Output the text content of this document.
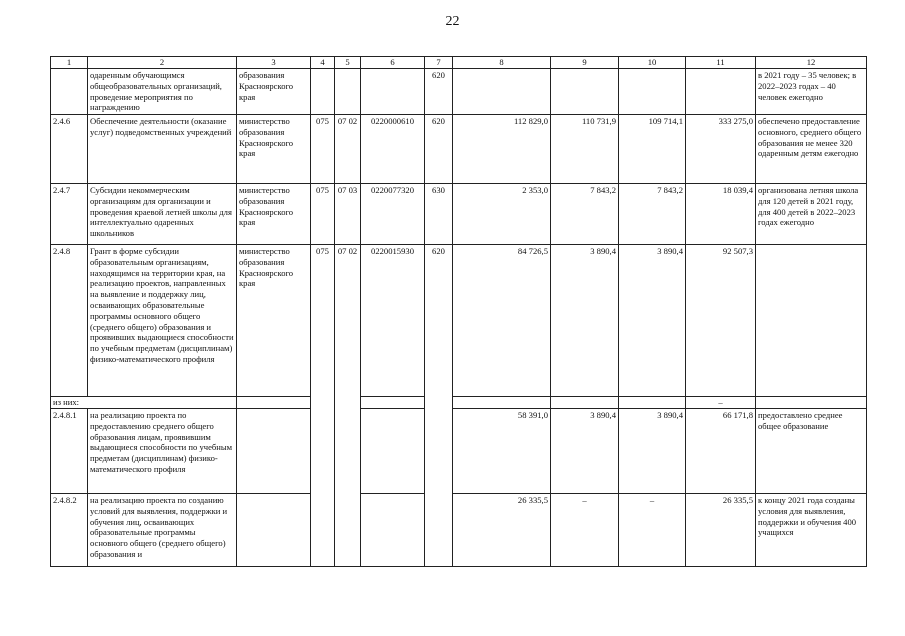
22
1	2	3	4	5	6	7	8	9	10	11	12
	одаренным обучающимся общеобразовательных организаций, проведение мероприятия по награждению	образования Красноярского края				620					в 2021 году – 35 человек; в 2022–2023 годах – 40 человек ежегодно
2.4.6	Обеспечение деятельности (оказание услуг) подведомственных учреждений	министерство образования Красноярского края	075	07 02	0220000610	620	112 829,0	110 731,9	109 714,1	333 275,0	обеспечено предоставление основного, среднего общего образования не менее 320 одаренным детям ежегодно
2.4.7	Субсидии некоммерческим организациям для организации и проведения краевой летней школы для интеллектуально одаренных школьников	министерство образования Красноярского края	075	07 03	0220077320	630	2 353,0	7 843,2	7 843,2	18 039,4	организована летняя школа для 120 детей в 2021 году, для 400 детей в 2022–2023 годах ежегодно
2.4.8	Грант в форме субсидии образовательным организациям, находящимся на территории края, на реализацию проектов, направленных на выявление и поддержку лиц, осваивающих образовательные программы основного общего (среднего общего) образования и проявивших выдающиеся способности по учебным предметам (дисциплинам) физико-математического профиля	министерство образования Красноярского края	075	07 02	0220015930	620	84 726,5	3 890,4	3 890,4	92 507,3	
из них:										–	
2.4.8.1	на реализацию проекта по предоставлению среднего общего образования лицам, проявившим выдающиеся способности по учебным предметам (дисциплинам) физико-математического профиля						58 391,0	3 890,4	3 890,4	66 171,8	предоставлено среднее общее образование
2.4.8.2	на реализацию проекта по созданию условий для выявления, поддержки и обучения лиц, осваивающих образовательные программы основного общего (среднего общего) образования и						26 335,5	–	–	26 335,5	к концу 2021 года созданы условия для выявления, поддержки и обучения 400 учащихся
